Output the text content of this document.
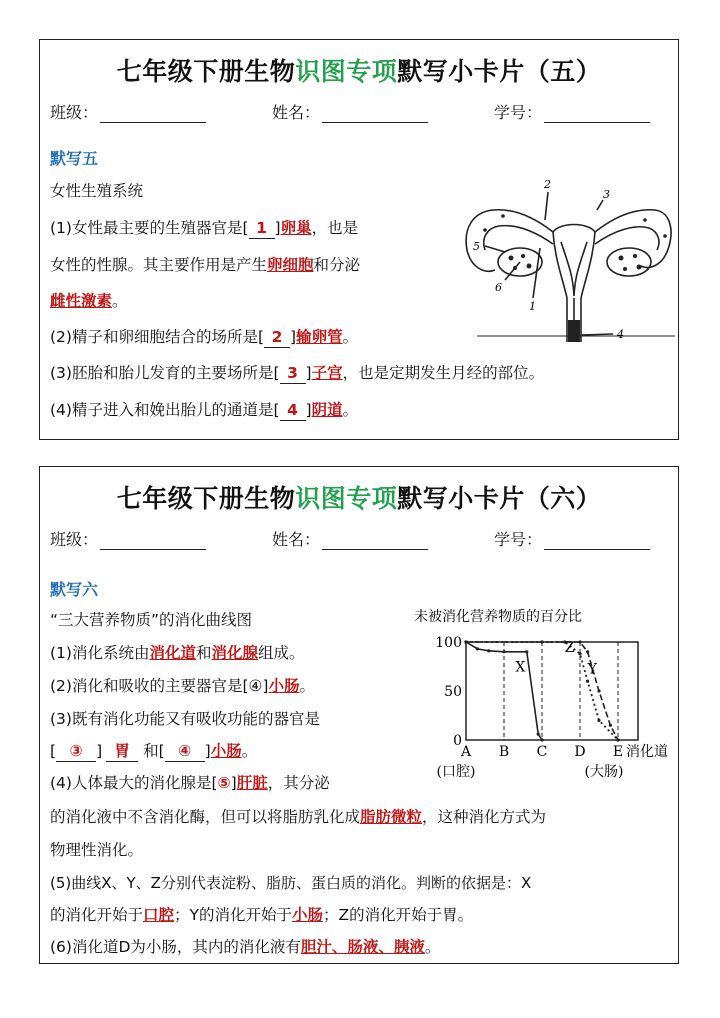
七年级下册生物识图专项默写小卡片（五）
班级：	姓名：	学号：
默写五
女性生殖系统
(1)女性最主要的生殖器官是[ 1 ]卵巢，也是
女性的性腺。其主要作用是产生卵细胞和分泌
雌性激素。
(2)精子和卵细胞结合的场所是[ 2 ]输卵管。
(3)胚胎和胎儿发育的主要场所是[ 3 ]子宫，也是定期发生月经的部位。
(4)精子进入和娩出胎儿的通道是[ 4 ]阴道。
2
3
5
6
1
4
七年级下册生物识图专项默写小卡片（六）
班级：	姓名：	学号：
默写六
“三大营养物质”的消化曲线图
(1)消化系统由消化道和消化腺组成。
(2)消化和吸收的主要器官是[④]小肠。
(3)既有消化功能又有吸收功能的器官是
[ ③ ] 胃 和[ ④ ]小肠。
(4)人体最大的消化腺是[⑤]肝脏，其分泌
的消化液中不含消化酶，但可以将脂肪乳化成脂肪微粒，这种消化方式为
物理性消化。
(5)曲线X、Y、Z分别代表淀粉、脂肪、蛋白质的消化。判断的依据是：X
的消化开始于口腔；Y的消化开始于小肠；Z的消化开始于胃。
(6)消化道D为小肠，其内的消化液有胆汁、肠液、胰液。
未被消化营养物质的百分比
0
50
100
A
(口腔)
B C D E
(大肠)
消化道
X
Z
Y
